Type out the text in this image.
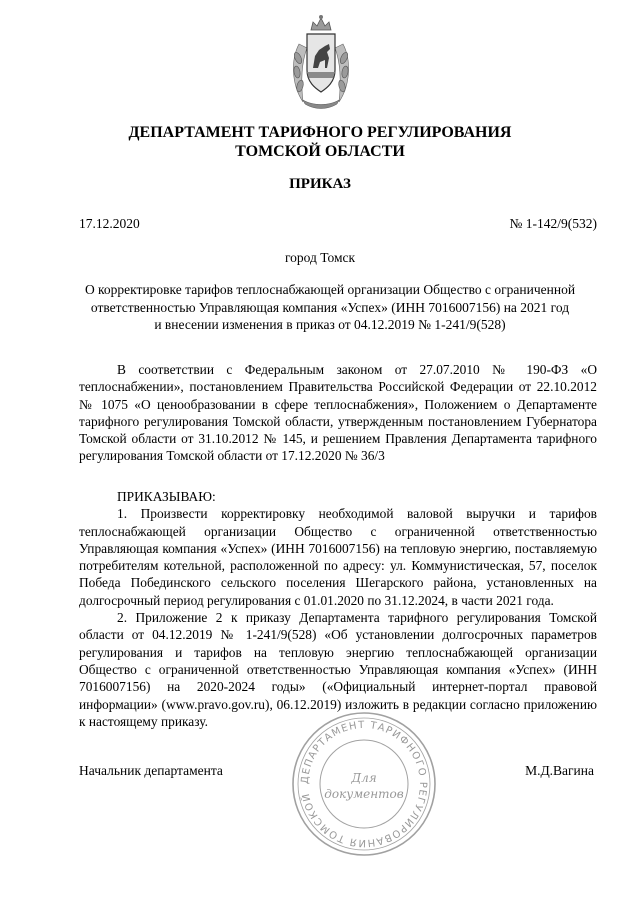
ДЕПАРТАМЕНТ ТАРИФНОГО РЕГУЛИРОВАНИЯ
ТОМСКОЙ ОБЛАСТИ
ПРИКАЗ
17.12.2020	№ 1-142/9(532)
город Томск
О корректировке тарифов теплоснабжающей организации Общество с ограниченной
ответственностью Управляющая компания «Успех» (ИНН 7016007156) на 2021 год
и внесении изменения в приказ от 04.12.2019 № 1-241/9(528)

В соответствии с Федеральным законом от 27.07.2010 № 190-ФЗ «О теплоснабжении», постановлением Правительства Российской Федерации от 22.10.2012 № 1075 «О ценообразовании в сфере теплоснабжения», Положением о Департаменте тарифного регулирования Томской области, утвержденным постановлением Губернатора Томской области от 31.10.2012 № 145, и решением Правления Департамента тарифного регулирования Томской области от 17.12.2020 № 36/3

ПРИКАЗЫВАЮ:

1. Произвести корректировку необходимой валовой выручки и тарифов теплоснабжающей организации Общество с ограниченной ответственностью Управляющая компания «Успех» (ИНН 7016007156) на тепловую энергию, поставляемую потребителям котельной, расположенной по адресу: ул. Коммунистическая, 57, поселок Победа Побединского сельского поселения Шегарского района, установленных на долгосрочный период регулирования с 01.01.2020 по 31.12.2024, в части 2021 года.

2. Приложение 2 к приказу Департамента тарифного регулирования Томской области от 04.12.2019 № 1-241/9(528) «Об установлении долгосрочных параметров регулирования и тарифов на тепловую энергию теплоснабжающей организации Общество с ограниченной ответственностью Управляющая компания «Успех» (ИНН 7016007156) на 2020-2024 годы» («Официальный интернет-портал правовой информации» (www.pravo.gov.ru), 06.12.2019) изложить в редакции согласно приложению к настоящему приказу.

ДЕПАРТАМЕНТ ТАРИФНОГО РЕГУЛИРОВАНИЯ ТОМСКОЙ
Для
документов
Начальник департамента	М.Д.Вагина
